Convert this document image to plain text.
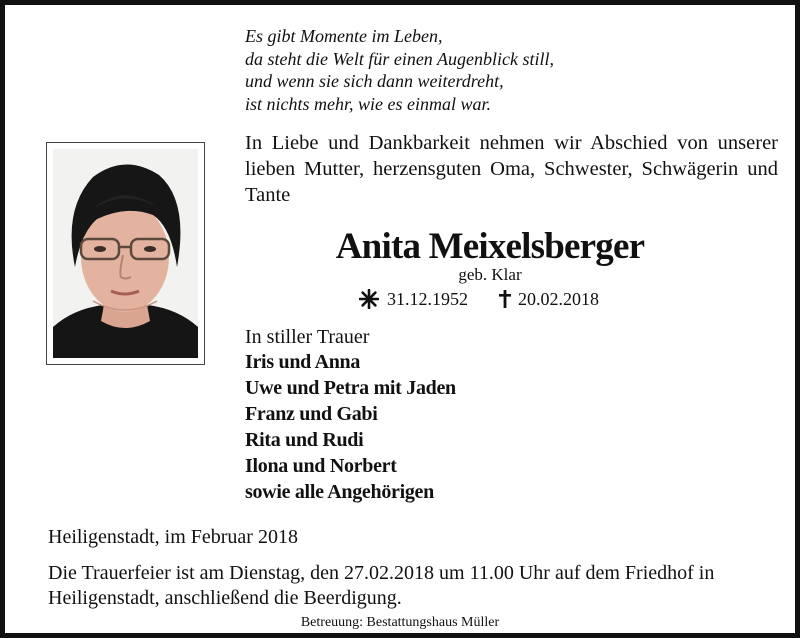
Es gibt Momente im Leben,
da steht die Welt für einen Augenblick still,
und wenn sie sich dann weiterdreht,
ist nichts mehr, wie es einmal war.
In Liebe und Dankbarkeit nehmen wir Abschied von unserer lieben Mutter, herzensguten Oma, Schwester, Schwägerin und Tante
Anita Meixelsberger
geb. Klar
31.12.1952	20.02.2018
In stiller Trauer
Iris und Anna
Uwe und Petra mit Jaden
Franz und Gabi
Rita und Rudi
Ilona und Norbert
sowie alle Angehörigen
Heiligenstadt, im Februar 2018
Die Trauerfeier ist am Dienstag, den 27.02.2018 um 11.00 Uhr auf dem Friedhof in Heiligenstadt, anschließend die Beerdigung.
Betreuung: Bestattungshaus Müller
